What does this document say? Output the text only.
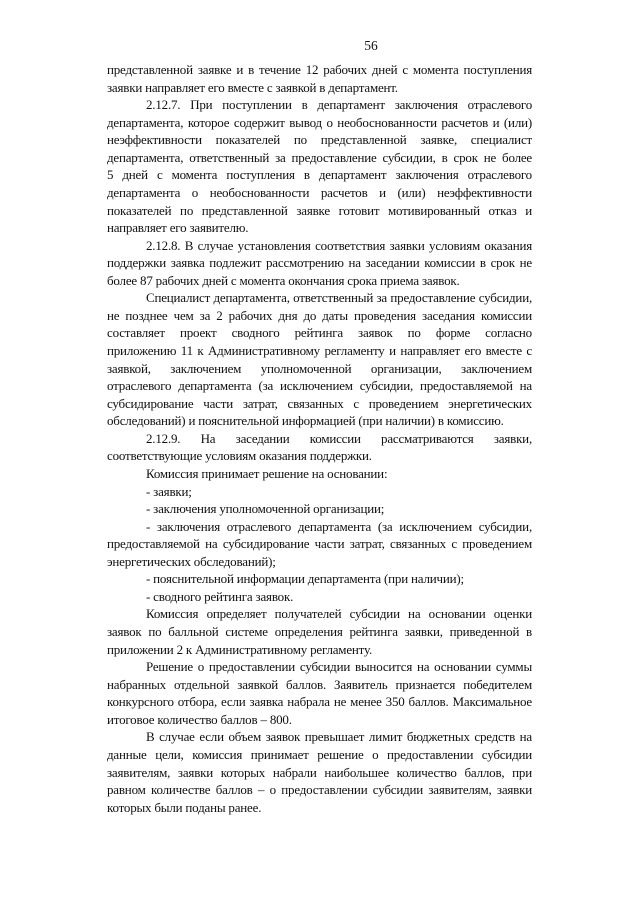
56
представленной заявке и в течение 12 рабочих дней с момента поступления
заявки направляет его вместе с заявкой в департамент.
2.12.7. При поступлении в департамент заключения отраслевого
департамента, которое содержит вывод о необоснованности расчетов и (или)
неэффективности показателей по представленной заявке, специалист
департамента, ответственный за предоставление субсидии, в срок не более
5 дней с момента поступления в департамент заключения отраслевого
департамента о необоснованности расчетов и (или) неэффективности
показателей по представленной заявке готовит мотивированный отказ и
направляет его заявителю.
2.12.8. В случае установления соответствия заявки условиям оказания
поддержки заявка подлежит рассмотрению на заседании комиссии в срок не
более 87 рабочих дней с момента окончания срока приема заявок.
Специалист департамента, ответственный за предоставление субсидии,
не позднее чем за 2 рабочих дня до даты проведения заседания комиссии
составляет проект сводного рейтинга заявок по форме согласно
приложению 11 к Административному регламенту и направляет его вместе с
заявкой, заключением уполномоченной организации, заключением
отраслевого департамента (за исключением субсидии, предоставляемой на
субсидирование части затрат, связанных с проведением энергетических
обследований) и пояснительной информацией (при наличии) в комиссию.
2.12.9. На заседании комиссии рассматриваются заявки,
соответствующие условиям оказания поддержки.
Комиссия принимает решение на основании:
- заявки;
- заключения уполномоченной организации;
- заключения отраслевого департамента (за исключением субсидии,
предоставляемой на субсидирование части затрат, связанных с проведением
энергетических обследований);
- пояснительной информации департамента (при наличии);
- сводного рейтинга заявок.
Комиссия определяет получателей субсидии на основании оценки
заявок по балльной системе определения рейтинга заявки, приведенной в
приложении 2 к Административному регламенту.
Решение о предоставлении субсидии выносится на основании суммы
набранных отдельной заявкой баллов. Заявитель признается победителем
конкурсного отбора, если заявка набрала не менее 350 баллов. Максимальное
итоговое количество баллов – 800.
В случае если объем заявок превышает лимит бюджетных средств на
данные цели, комиссия принимает решение о предоставлении субсидии
заявителям, заявки которых набрали наибольшее количество баллов, при
равном количестве баллов – о предоставлении субсидии заявителям, заявки
которых были поданы ранее.
